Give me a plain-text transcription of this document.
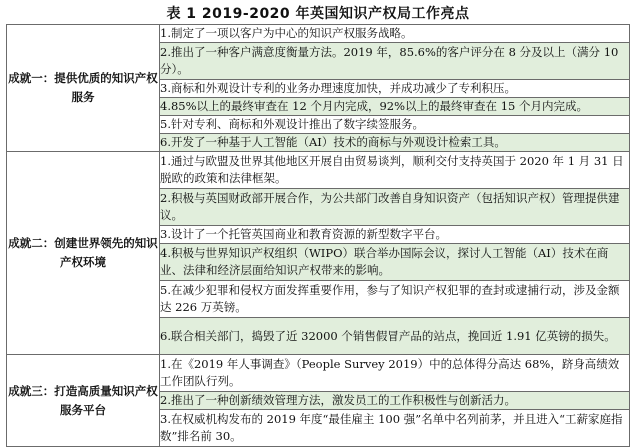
表 1 2019-2020 年英国知识产权局工作亮点
成就一：提供优质的知识产权服务	1.制定了一项以客户为中心的知识产权服务战略。
	2.推出了一种客户满意度衡量方法。2019 年，85.6%的客户评分在 8 分及以上（满分 10 分）。
	3.商标和外观设计专利的业务办理速度加快，并成功减少了专利积压。
	4.85%以上的最终审查在 12 个月内完成，92%以上的最终审查在 15 个月内完成。
	5.针对专利、商标和外观设计推出了数字续签服务。
	6.开发了一种基于人工智能（AI）技术的商标与外观设计检索工具。
成就二：创建世界领先的知识产权环境	1.通过与欧盟及世界其他地区开展自由贸易谈判，顺利交付支持英国于 2020 年 1 月 31 日脱欧的政策和法律框架。
	2.积极与英国财政部开展合作，为公共部门改善自身知识资产（包括知识产权）管理提供建议。
	3.设计了一个托管英国商业和教育资源的新型数字平台。
	4.积极与世界知识产权组织（WIPO）联合举办国际会议，探讨人工智能（AI）技术在商业、法律和经济层面给知识产权带来的影响。
	5.在减少犯罪和侵权方面发挥重要作用，参与了知识产权犯罪的查封或逮捕行动，涉及金额达 226 万英镑。
	6.联合相关部门，捣毁了近 32000 个销售假冒产品的站点，挽回近 1.91 亿英镑的损失。
成就三：打造高质量知识产权服务平台	1.在《2019 年人事调查》（People Survey 2019）中的总体得分高达 68%，跻身高绩效工作团队行列。
	2.推出了一种创新绩效管理方法，激发员工的工作积极性与创新活力。
	3.在权威机构发布的 2019 年度“最佳雇主 100 强”名单中名列前茅，并且进入“工薪家庭指数”排名前 30。
